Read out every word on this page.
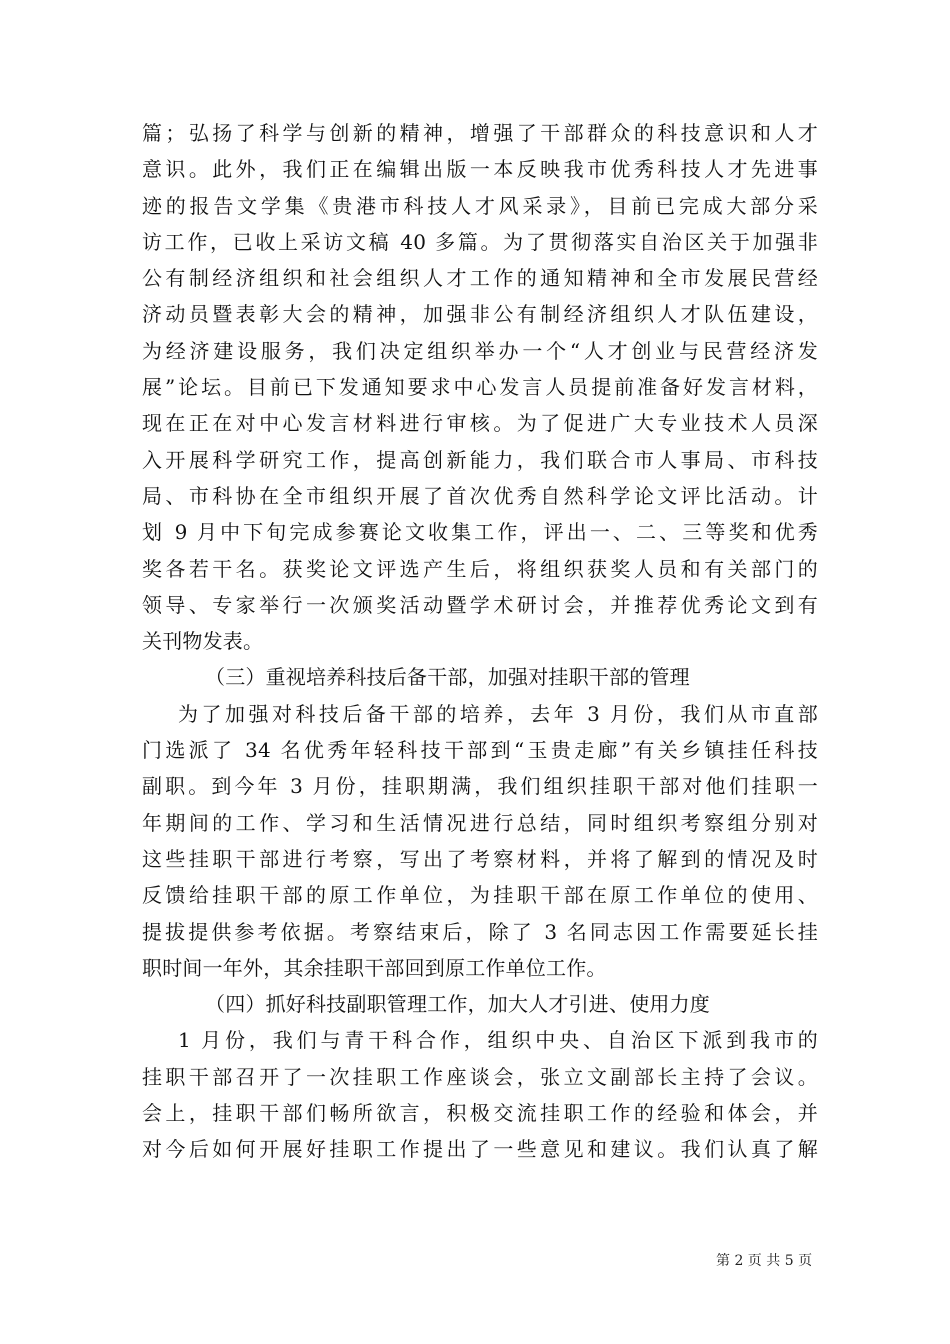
篇；弘扬了科学与创新的精神，增强了干部群众的科技意识和人才
意识。此外，我们正在编辑出版一本反映我市优秀科技人才先进事
迹的报告文学集《贵港市科技人才风采录》，目前已完成大部分采
访工作，已收上采访文稿 40 多篇。为了贯彻落实自治区关于加强非
公有制经济组织和社会组织人才工作的通知精神和全市发展民营经
济动员暨表彰大会的精神，加强非公有制经济组织人才队伍建设，
为经济建设服务，我们决定组织举办一个“人才创业与民营经济发
展”论坛。目前已下发通知要求中心发言人员提前准备好发言材料，
现在正在对中心发言材料进行审核。为了促进广大专业技术人员深
入开展科学研究工作，提高创新能力，我们联合市人事局、市科技
局、市科协在全市组织开展了首次优秀自然科学论文评比活动。计
划 9 月中下旬完成参赛论文收集工作，评出一、二、三等奖和优秀
奖各若干名。获奖论文评选产生后，将组织获奖人员和有关部门的
领导、专家举行一次颁奖活动暨学术研讨会，并推荐优秀论文到有
关刊物发表。
（三）重视培养科技后备干部，加强对挂职干部的管理
为了加强对科技后备干部的培养，去年 3 月份，我们从市直部
门选派了 34 名优秀年轻科技干部到“玉贵走廊”有关乡镇挂任科技
副职。到今年 3 月份，挂职期满，我们组织挂职干部对他们挂职一
年期间的工作、学习和生活情况进行总结，同时组织考察组分别对
这些挂职干部进行考察，写出了考察材料，并将了解到的情况及时
反馈给挂职干部的原工作单位，为挂职干部在原工作单位的使用、
提拔提供参考依据。考察结束后，除了 3 名同志因工作需要延长挂
职时间一年外，其余挂职干部回到原工作单位工作。
（四）抓好科技副职管理工作，加大人才引进、使用力度
1 月份，我们与青干科合作，组织中央、自治区下派到我市的
挂职干部召开了一次挂职工作座谈会，张立文副部长主持了会议。
会上，挂职干部们畅所欲言，积极交流挂职工作的经验和体会，并
对今后如何开展好挂职工作提出了一些意见和建议。我们认真了解
第 2 页 共 5 页
